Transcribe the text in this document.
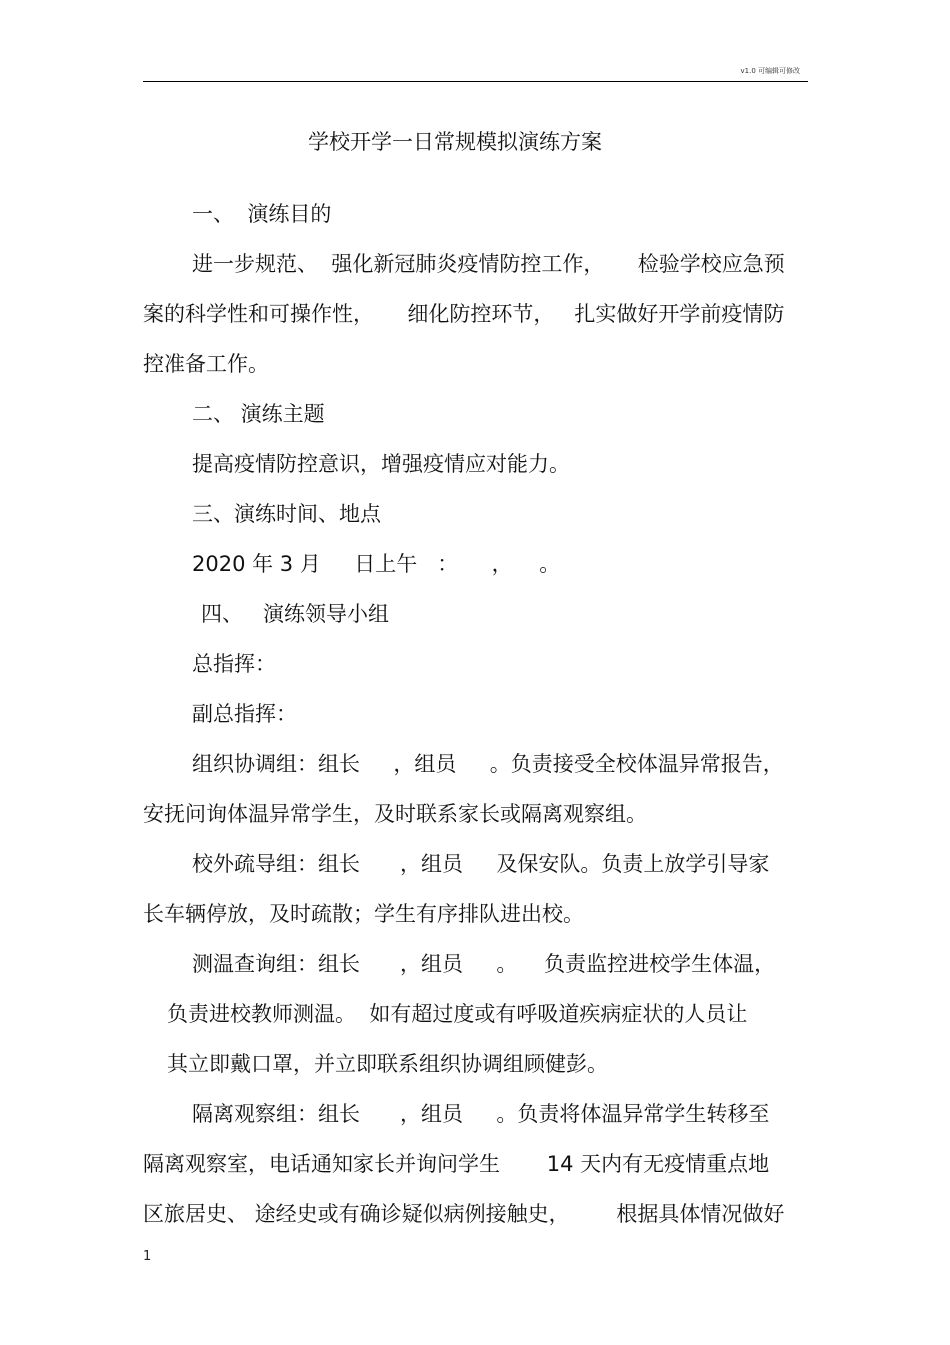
v1.0 可编辑可修改
学校开学一日常规模拟演练方案
一、  演练目的
进一步规范、  强化新冠肺炎疫情防控工作，     检验学校应急预
案的科学性和可操作性，     细化防控环节，   扎实做好开学前疫情防
控准备工作。
二、 演练主题
提高疫情防控意识，增强疫情应对能力。
三、演练时间、地点
2020 年 3 月     日上午   ：     ，    。
四、   演练领导小组
总指挥：
副总指挥：
组织协调组：组长     ，组员     。负责接受全校体温异常报告，
安抚问询体温异常学生，及时联系家长或隔离观察组。
校外疏导组：组长      ，组员     及保安队。负责上放学引导家
长车辆停放，及时疏散；学生有序排队进出校。
测温查询组：组长      ，组员     。    负责监控进校学生体温，
负责进校教师测温。  如有超过度或有呼吸道疾病症状的人员让
其立即戴口罩，并立即联系组织协调组顾健彭。
隔离观察组：组长      ，组员     。负责将体温异常学生转移至
隔离观察室，电话通知家长并询问学生       14 天内有无疫情重点地
区旅居史、 途经史或有确诊疑似病例接触史，       根据具体情况做好
1
